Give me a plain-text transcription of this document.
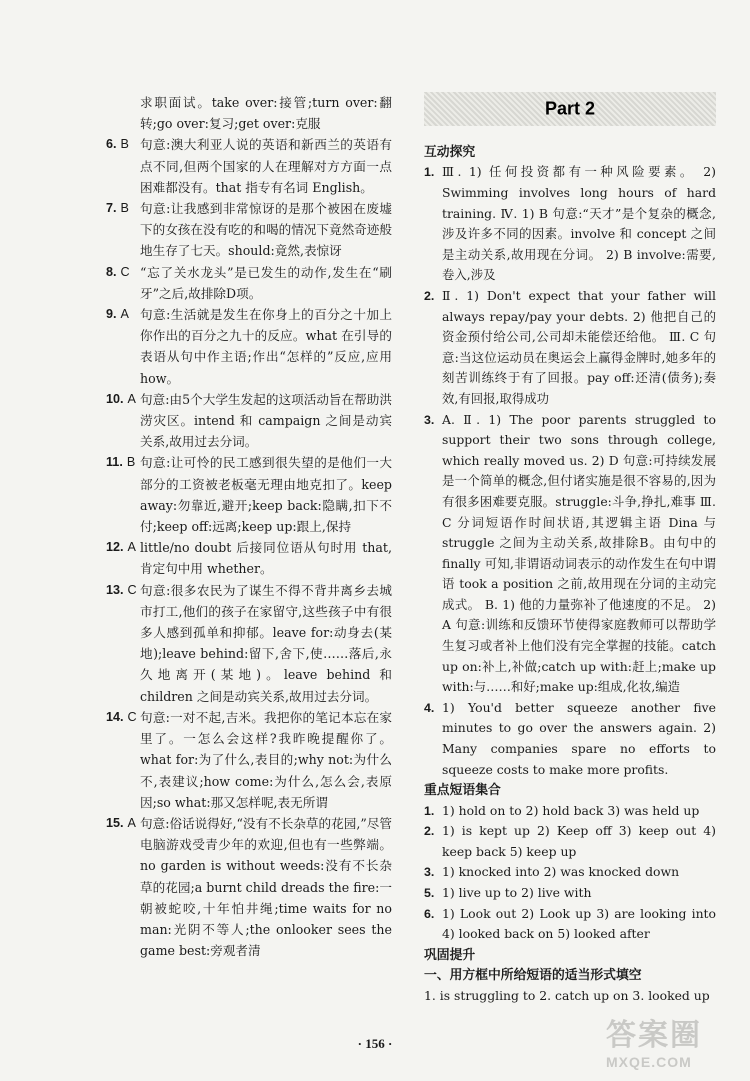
求职面试。take over:接管;turn over:翻转;go over:复习;get over:克服
6. B 句意:澳大利亚人说的英语和新西兰的英语有点不同,但两个国家的人在理解对方方面一点困难都没有。that 指专有名词 English。
7. B 句意:让我感到非常惊讶的是那个被困在废墟下的女孩在没有吃的和喝的情况下竟然奇迹般地生存了七天。should:竟然,表惊讶
8. C “忘了关水龙头”是已发生的动作,发生在“刷牙”之后,故排除D项。
9. A 句意:生活就是发生在你身上的百分之十加上你作出的百分之九十的反应。what 在引导的表语从句中作主语;作出“怎样的”反应,应用 how。
10. A 句意:由5个大学生发起的这项活动旨在帮助洪涝灾区。intend 和 campaign 之间是动宾关系,故用过去分词。
11. B 句意:让可怜的民工感到很失望的是他们一大部分的工资被老板毫无理由地克扣了。keep away:勿靠近,避开;keep back:隐瞒,扣下不付;keep off:远离;keep up:跟上,保持
12. A little/no doubt 后接同位语从句时用 that,肯定句中用 whether。
13. C 句意:很多农民为了谋生不得不背井离乡去城市打工,他们的孩子在家留守,这些孩子中有很多人感到孤单和抑郁。leave for:动身去(某地);leave behind:留下,舍下,使……落后,永久地离开(某地)。leave behind 和 children 之间是动宾关系,故用过去分词。
14. C 句意:一对不起,吉米。我把你的笔记本忘在家里了。一怎么会这样?我昨晚提醒你了。what for:为了什么,表目的;why not:为什么不,表建议;how come:为什么,怎么会,表原因;so what:那又怎样呢,表无所谓
15. A 句意:俗话说得好,“没有不长杂草的花园,”尽管电脑游戏受青少年的欢迎,但也有一些弊端。no garden is without weeds:没有不长杂草的花园;a burnt child dreads the fire:一朝被蛇咬,十年怕井绳;time waits for no man:光阴不等人;the onlooker sees the game best:旁观者清
Part 2
互动探究
1. Ⅲ. 1) 任何投资都有一种风险要素。 2) Swimming involves long hours of hard training. Ⅳ. 1) B 句意:“天才”是个复杂的概念,涉及许多不同的因素。involve 和 concept 之间是主动关系,故用现在分词。 2) B involve:需要,卷入,涉及
2. Ⅱ. 1) Don't expect that your father will always repay/pay your debts. 2) 他把自己的资金预付给公司,公司却未能偿还给他。 Ⅲ. C 句意:当这位运动员在奥运会上赢得金牌时,她多年的刻苦训练终于有了回报。pay off:还清(债务);奏效,有回报,取得成功
3. A. Ⅱ. 1) The poor parents struggled to support their two sons through college, which really moved us. 2) D 句意:可持续发展是一个简单的概念,但付诸实施是很不容易的,因为有很多困难要克服。struggle:斗争,挣扎,难事 Ⅲ. C 分词短语作时间状语,其逻辑主语 Dina 与 struggle 之间为主动关系,故排除B。由句中的 finally 可知,非谓语动词表示的动作发生在句中谓语 took a position 之前,故用现在分词的主动完成式。 B. 1) 他的力量弥补了他速度的不足。 2) A 句意:训练和反馈环节使得家庭教师可以帮助学生复习或者补上他们没有完全掌握的技能。catch up on:补上,补做;catch up with:赶上;make up with:与……和好;make up:组成,化妆,编造
4. 1) You'd better squeeze another five minutes to go over the answers again. 2) Many companies spare no efforts to squeeze costs to make more profits.
重点短语集合
1. 1) hold on to 2) hold back 3) was held up
2. 1) is kept up 2) Keep off 3) keep out 4) keep back 5) keep up
3. 1) knocked into 2) was knocked down
5. 1) live up to 2) live with
6. 1) Look out 2) Look up 3) are looking into 4) looked back on 5) looked after
巩固提升
一、用方框中所给短语的适当形式填空
1. is struggling to 2. catch up on 3. looked up
· 156 ·	答案圈
MXQE.COM
